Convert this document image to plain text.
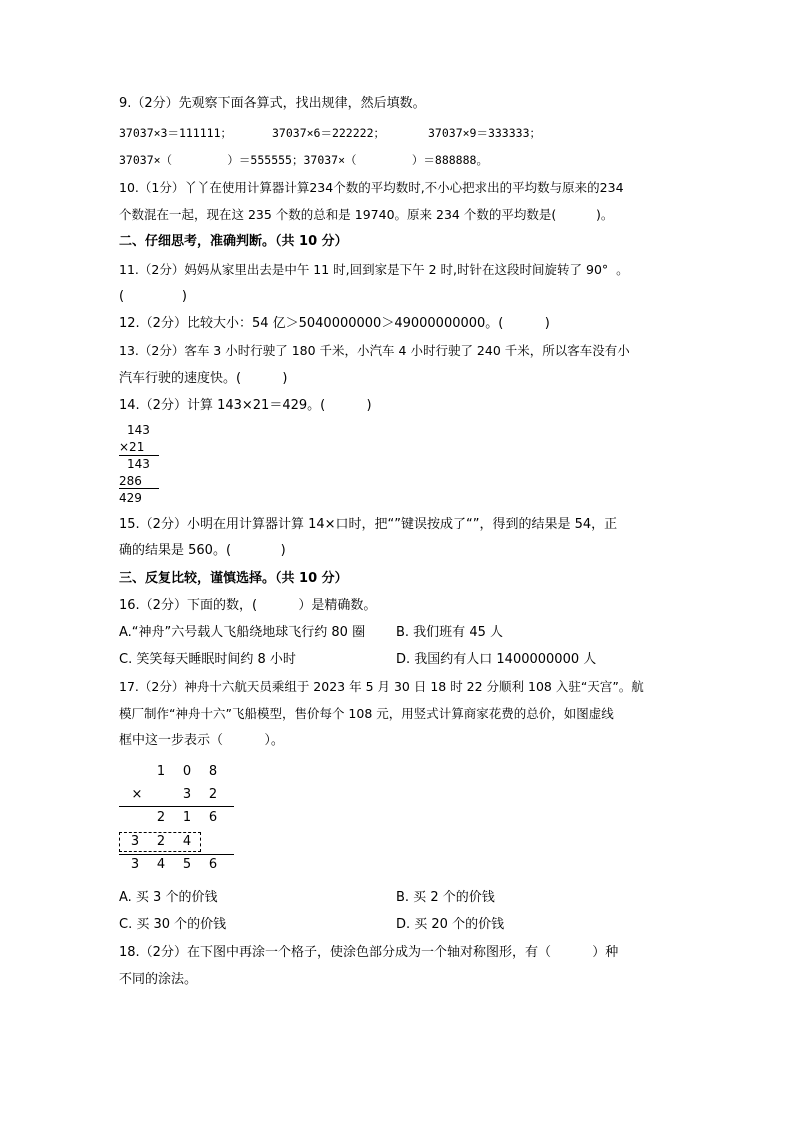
9.（2分）先观察下面各算式，找出规律，然后填数。
37037×3＝111111；	37037×6＝222222；	37037×9＝333333；
37037×（        ）＝555555；37037×（        ）＝888888。
10.（1分）丫丫在使用计算器计算234个数的平均数时,不小心把求出的平均数与原来的234
个数混在一起，现在这 235 个数的总和是 19740。原来 234 个数的平均数是(          )。
二、仔细思考，准确判断。（共 10 分）
11.（2分）妈妈从家里出去是中午 11 时,回到家是下午 2 时,时针在这段时间旋转了 90°  。
(              )
12.（2分）比较大小：54 亿＞5040000000＞49000000000。(          )
13.（2分）客车 3 小时行驶了 180 千米，小汽车 4 小时行驶了 240 千米，所以客车没有小
汽车行驶的速度快。(          )
14.（2分）计算 143×21＝429。(          )
143
×21
143
286
429
15.（2分）小明在用计算器计算 14×口时，把“”键误按成了“”，得到的结果是 54，正
确的结果是 560。(            )
三、反复比较，谨慎选择。（共 10 分）
16.（2分）下面的数，(          ）是精确数。
A.“神舟”六号载人飞船绕地球飞行约 80 圈 B. 我们班有 45 人
C. 笑笑每天睡眠时间约 8 小时	D. 我国约有人口 1400000000 人
17.（2分）神舟十六航天员乘组于 2023 年 5 月 30 日 18 时 22 分顺利 108 入驻“天宫”。航
模厂制作“神舟十六”飞船模型，售价每个 108 元，用竖式计算商家花费的总价，如图虚线
框中这一步表示（          ）。
1	0	8
×	3	2
2	1	6
3	2	4
3	4	5	6
A. 买 3 个的价钱	B. 买 2 个的价钱
C. 买 30 个的价钱	D. 买 20 个的价钱
18.（2分）在下图中再涂一个格子，使涂色部分成为一个轴对称图形，有（          ）种
不同的涂法。
